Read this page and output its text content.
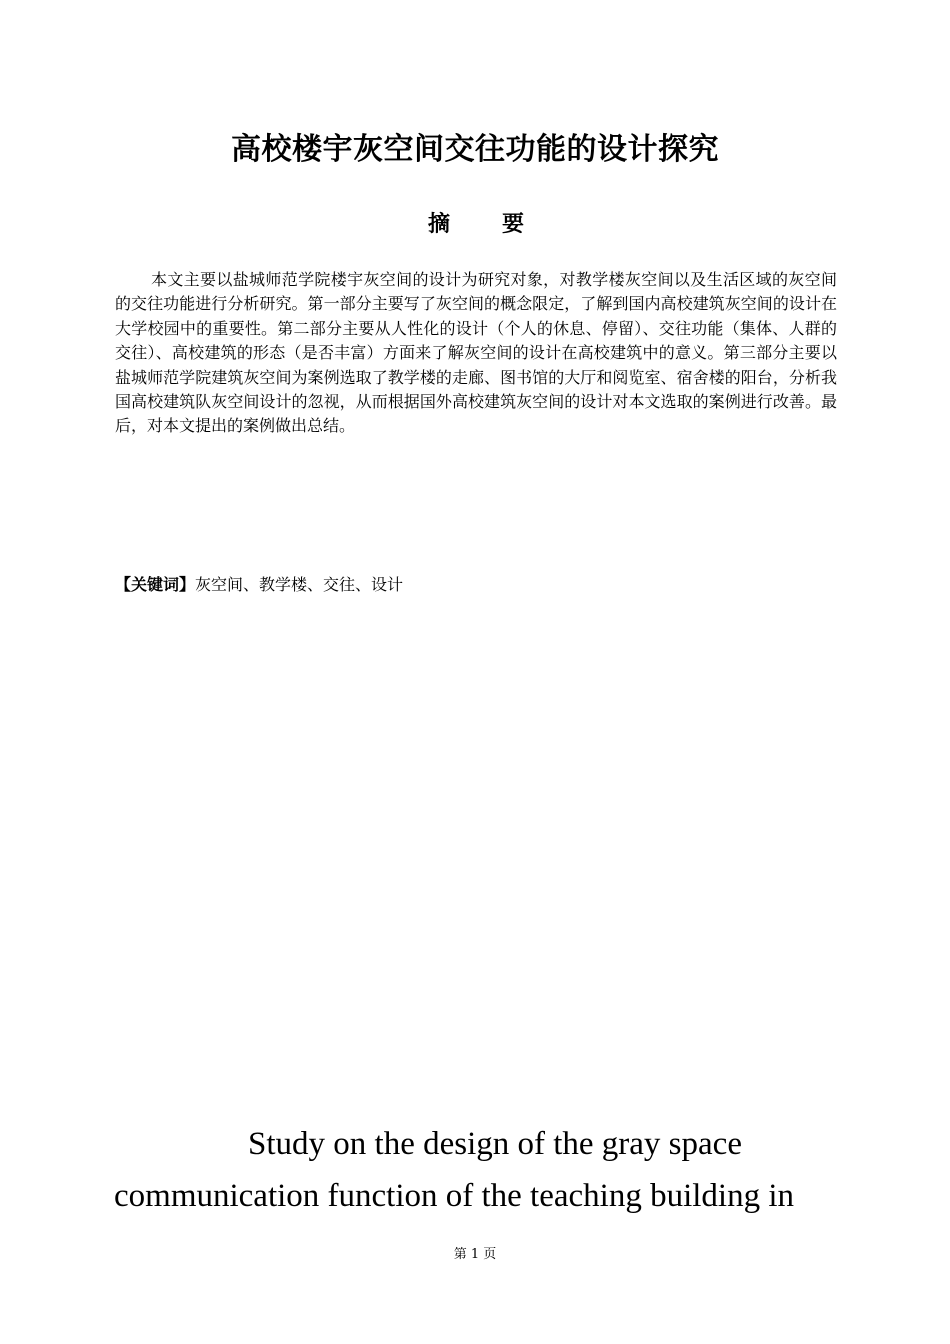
高校楼宇灰空间交往功能的设计探究
摘要

本文主要以盐城师范学院楼宇灰空间的设计为研究对象，对教学楼灰空间以及生活区域的灰空间的交往功能进行分析研究。第一部分主要写了灰空间的概念限定，了解到国内高校建筑灰空间的设计在大学校园中的重要性。第二部分主要从人性化的设计（个人的休息、停留）、交往功能（集体、人群的交往）、高校建筑的形态（是否丰富）方面来了解灰空间的设计在高校建筑中的意义。第三部分主要以盐城师范学院建筑灰空间为案例选取了教学楼的走廊、图书馆的大厅和阅览室、宿舍楼的阳台，分析我国高校建筑队灰空间设计的忽视，从而根据国外高校建筑灰空间的设计对本文选取的案例进行改善。最后，对本文提出的案例做出总结。

【关键词】灰空间、教学楼、交往、设计
Study on the design of the gray space
communication function of the teaching building in
第 1 页
